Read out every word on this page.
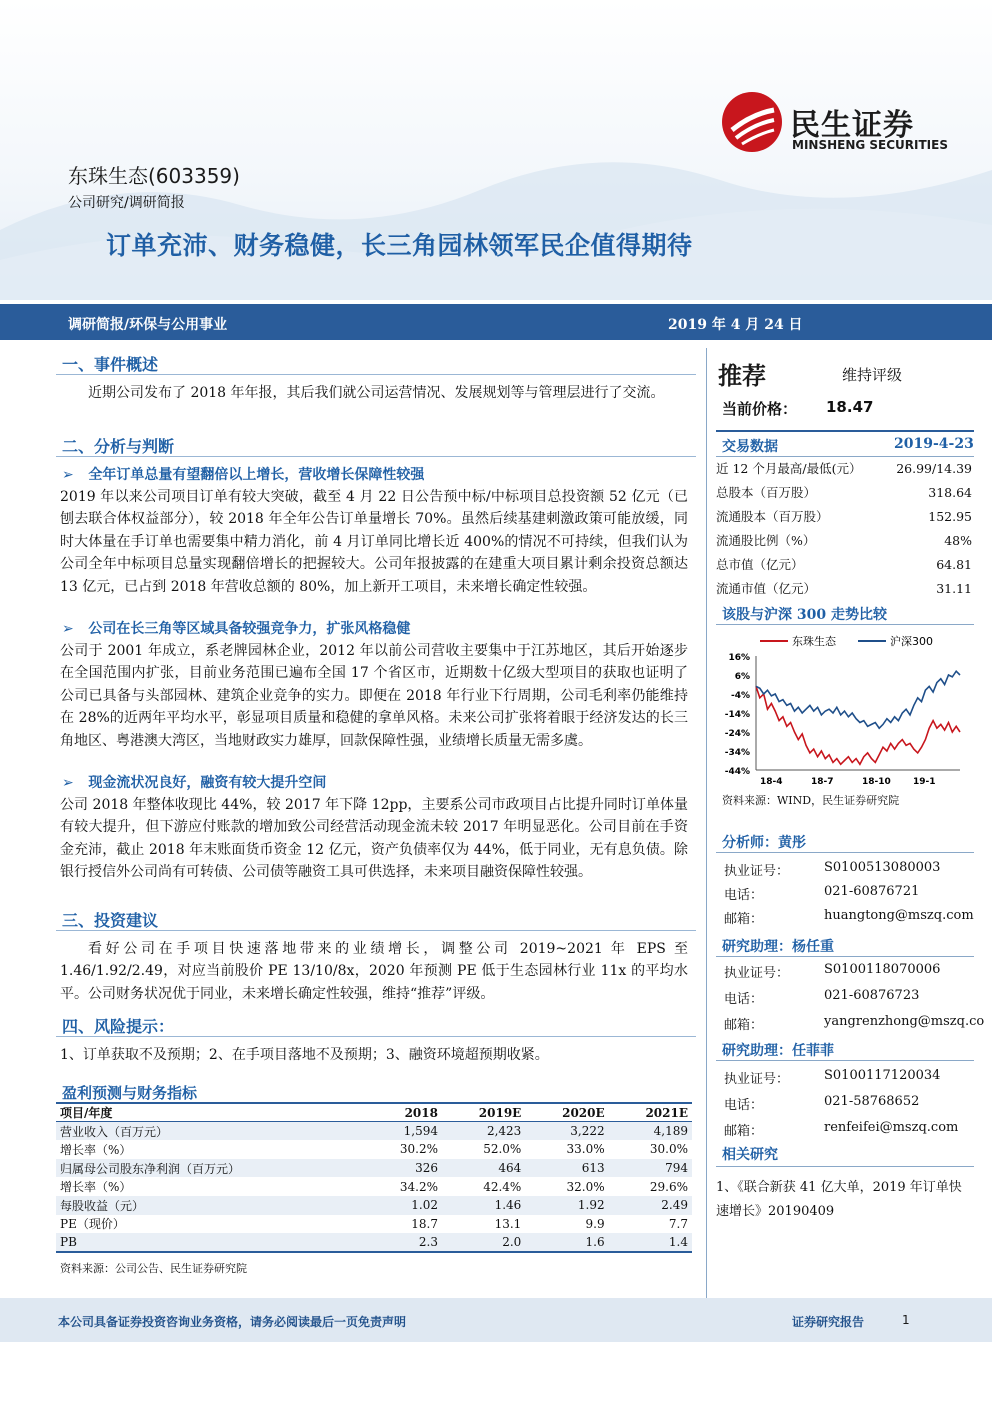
民生证券
MINSHENG SECURITIES
东珠生态(603359)
公司研究/调研简报
订单充沛、财务稳健，长三角园林领军民企值得期待
调研简报/环保与公用事业	2019 年 4 月 24 日
一、事件概述
近期公司发布了 2018 年年报，其后我们就公司运营情况、发展规划等与管理层进行了交流。
二、分析与判断
➢ 全年订单总量有望翻倍以上增长，营收增长保障性较强
2019 年以来公司项目订单有较大突破，截至 4 月 22 日公告预中标/中标项目总投资额 52 亿元（已刨去联合体权益部分），较 2018 年全年公告订单量增长 70%。虽然后续基建刺激政策可能放缓，同时大体量在手订单也需要集中精力消化，前 4 月订单同比增长近 400%的情况不可持续，但我们认为公司全年中标项目总量实现翻倍增长的把握较大。公司年报披露的在建重大项目累计剩余投资总额达 13 亿元，已占到 2018 年营收总额的 80%，加上新开工项目，未来增长确定性较强。
➢ 公司在长三角等区域具备较强竞争力，扩张风格稳健
公司于 2001 年成立，系老牌园林企业，2012 年以前公司营收主要集中于江苏地区，其后开始逐步在全国范围内扩张，目前业务范围已遍布全国 17 个省区市，近期数十亿级大型项目的获取也证明了公司已具备与头部园林、建筑企业竞争的实力。即便在 2018 年行业下行周期，公司毛利率仍能维持在 28%的近两年平均水平，彰显项目质量和稳健的拿单风格。未来公司扩张将着眼于经济发达的长三角地区、粤港澳大湾区，当地财政实力雄厚，回款保障性强，业绩增长质量无需多虞。
➢ 现金流状况良好，融资有较大提升空间
公司 2018 年整体收现比 44%，较 2017 年下降 12pp，主要系公司市政项目占比提升同时订单体量有较大提升，但下游应付账款的增加致公司经营活动现金流未较 2017 年明显恶化。公司目前在手资金充沛，截止 2018 年末账面货币资金 12 亿元，资产负债率仅为 44%，低于同业，无有息负债。除银行授信外公司尚有可转债、公司债等融资工具可供选择，未来项目融资保障性较强。
三、投资建议
看好公司在手项目快速落地带来的业绩增长，调整公司 2019~2021 年 EPS 至 1.46/1.92/2.49，对应当前股价 PE 13/10/8x，2020 年预测 PE 低于生态园林行业 11x 的平均水平。公司财务状况优于同业，未来增长确定性较强，维持“推荐”评级。
四、风险提示：
1、订单获取不及预期；2、在手项目落地不及预期；3、融资环境超预期收紧。
盈利预测与财务指标
项目/年度	2018	2019E	2020E	2021E
营业收入（百万元）	1,594	2,423	3,222	4,189
增长率（%）	30.2%	52.0%	33.0%	30.0%
归属母公司股东净利润（百万元）	326	464	613	794
增长率（%）	34.2%	42.4%	32.0%	29.6%
每股收益（元）	1.02	1.46	1.92	2.49
PE（现价）	18.7	13.1	9.9	7.7
PB	2.3	2.0	1.6	1.4
资料来源：公司公告、民生证券研究院
推荐	维持评级
当前价格： 18.47
交易数据	2019-4-23
近 12 个月最高/最低(元）	26.99/14.39
总股本（百万股）	318.64
流通股本（百万股）	152.95
流通股比例（%）	48%
总市值（亿元）	64.81
流通市值（亿元）	31.11
该股与沪深 300 走势比较
东珠生态	沪深300
16%
6%
-4%
-14%
-24%
-34%
-44%
18-4	18-7	18-10 19-1
资料来源：WIND，民生证券研究院
分析师：黄彤
执业证号：	S0100513080003
电话：	021-60876721
邮箱：	huangtong@mszq.com
研究助理：杨任重
执业证号：	S0100118070006
电话：	021-60876723
邮箱：	yangrenzhong@mszq.co
研究助理：任菲菲
执业证号：	S0100117120034
电话：	021-58768652
邮箱：	renfeifei@mszq.com
相关研究
1、《联合新获 41 亿大单，2019 年订单快速增长》20190409
本公司具备证券投资咨询业务资格，请务必阅读最后一页免责声明	证券研究报告	1
